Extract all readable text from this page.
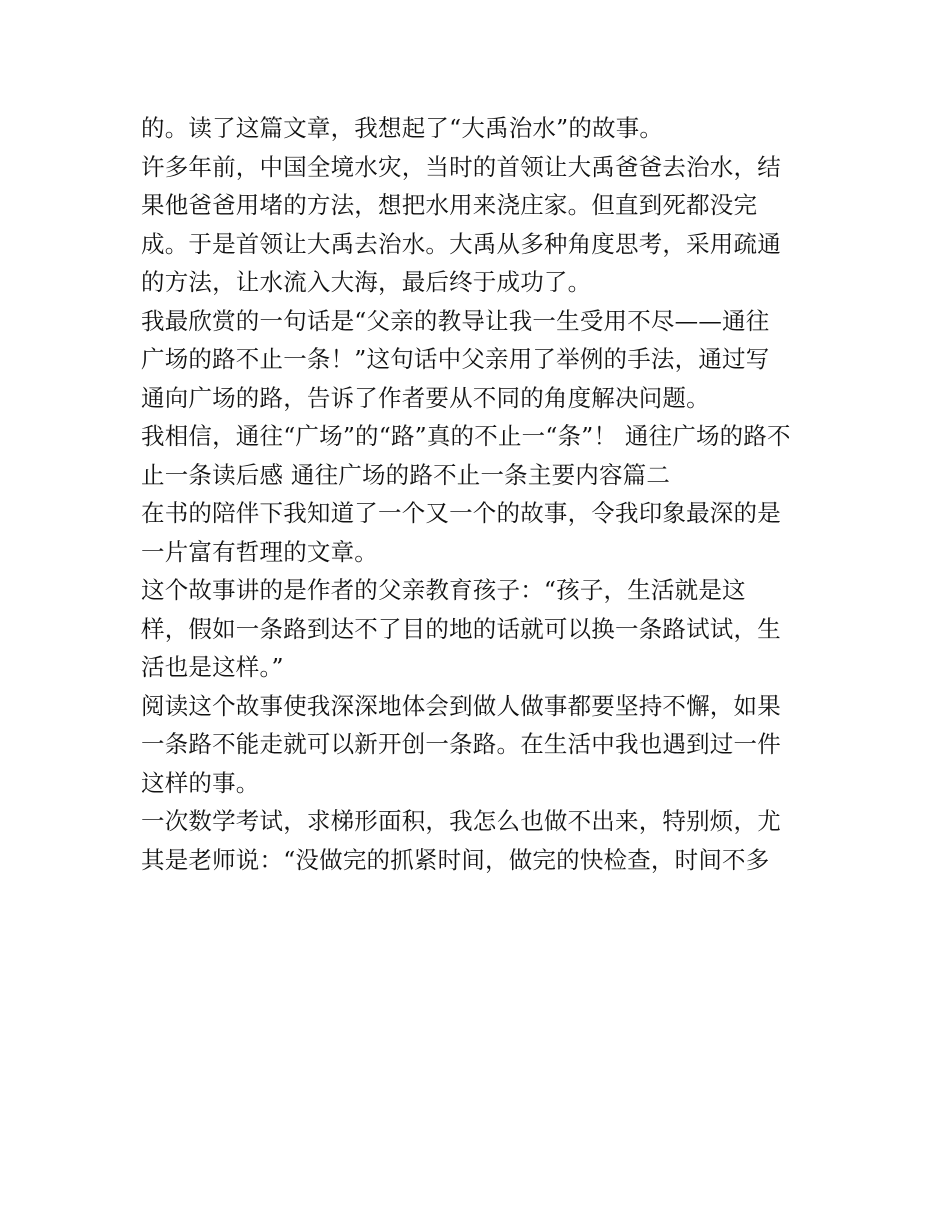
的。读了这篇文章，我想起了“大禹治水”的故事。
许多年前，中国全境水灾，当时的首领让大禹爸爸去治水，结
果他爸爸用堵的方法，想把水用来浇庄家。但直到死都没完
成。于是首领让大禹去治水。大禹从多种角度思考，采用疏通
的方法，让水流入大海，最后终于成功了。
我最欣赏的一句话是“父亲的教导让我一生受用不尽——通往
广场的路不止一条！”这句话中父亲用了举例的手法，通过写
通向广场的路，告诉了作者要从不同的角度解决问题。
我相信，通往“广场”的“路”真的不止一“条”！ 通往广场的路不
止一条读后感 通往广场的路不止一条主要内容篇二
在书的陪伴下我知道了一个又一个的故事，令我印象最深的是
一片富有哲理的文章。
这个故事讲的是作者的父亲教育孩子：“孩子，生活就是这
样，假如一条路到达不了目的地的话就可以换一条路试试，生
活也是这样。”
阅读这个故事使我深深地体会到做人做事都要坚持不懈，如果
一条路不能走就可以新开创一条路。在生活中我也遇到过一件
这样的事。
一次数学考试，求梯形面积，我怎么也做不出来，特别烦，尤
其是老师说：“没做完的抓紧时间，做完的快检查，时间不多
